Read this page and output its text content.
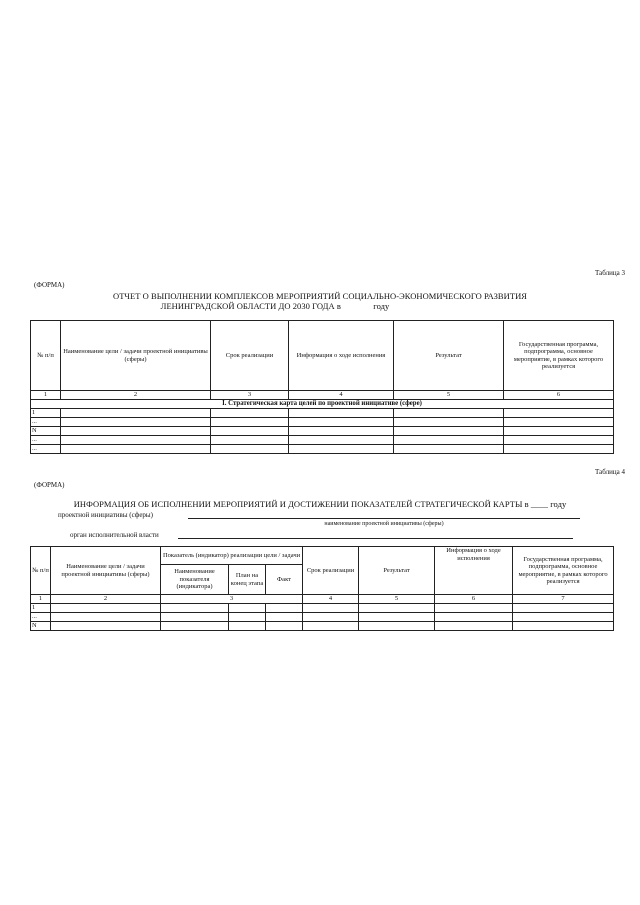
Таблица 3
(ФОРМА)
ОТЧЕТ О ВЫПОЛНЕНИИ КОМПЛЕКСОВ МЕРОПРИЯТИЙ СОЦИАЛЬНО-ЭКОНОМИЧЕСКОГО РАЗВИТИЯ
ЛЕНИНГРАДСКОЙ ОБЛАСТИ ДО 2030 ГОДА в	году
№ п/п	Наименование цели / задачи проектной инициативы (сферы)	Срок реализации	Информация о ходе исполнения	Результат	Государственная программа, подпрограмма, основное мероприятие, в рамках которого реализуется
1	2	3	4	5	6
I. Стратегическая карта целей по проектной инициативе (сфере)					
1					
...					
N					
...					
...					
Таблица 4
(ФОРМА)
ИНФОРМАЦИЯ ОБ ИСПОЛНЕНИИ МЕРОПРИЯТИЙ И ДОСТИЖЕНИИ ПОКАЗАТЕЛЕЙ СТРАТЕГИЧЕСКОЙ КАРТЫ в ____ году
проектной инициативы (сферы)
наименование проектной инициативы (сферы)
орган исполнительной власти
№ п/п	Наименование цели / задачи проектной инициативы (сферы)	Показатель (индикатор) реализации цели / задачи			Срок реализации	Результат	Информация о ходе исполнения	Государственная программа, подпрограмма, основное мероприятие, в рамках которого реализуется
		Наименование показателя (индикатора)	План на конец этапа	Факт				
1	2	3			4	5	6	7
1								
...								
N								
